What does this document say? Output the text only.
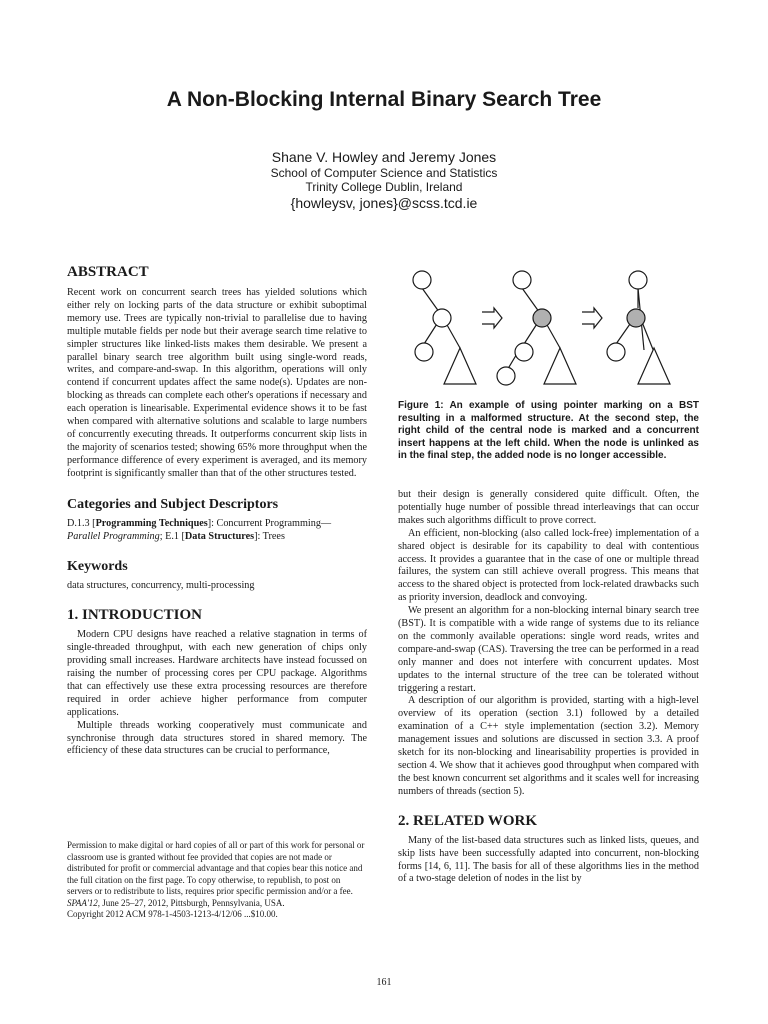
A Non-Blocking Internal Binary Search Tree
Shane V. Howley and Jeremy Jones
School of Computer Science and Statistics
Trinity College Dublin, Ireland
{howleysv, jones}@scss.tcd.ie
ABSTRACT

Recent work on concurrent search trees has yielded solutions which either rely on locking parts of the data structure or exhibit suboptimal memory use. Trees are typically non-trivial to parallelise due to having multiple mutable fields per node but their average search time relative to simpler structures like linked-lists makes them desirable. We present a parallel binary search tree algorithm built using single-word reads, writes, and compare-and-swap. In this algorithm, operations will only contend if concurrent updates affect the same node(s). Updates are non-blocking as threads can complete each other's operations if necessary and each operation is linearisable. Experimental evidence shows it to be fast when compared with alternative solutions and scalable to large numbers of concurrently executing threads. It outperforms concurrent skip lists in the majority of scenarios tested; showing 65% more throughput when the performance difference of every experiment is averaged, and its memory footprint is significantly smaller than that of the other structures tested.

Categories and Subject Descriptors

D.1.3 [Programming Techniques]: Concurrent Programming— Parallel Programming; E.1 [Data Structures]: Trees

Keywords

data structures, concurrency, multi-processing

1. INTRODUCTION

Modern CPU designs have reached a relative stagnation in terms of single-threaded throughput, with each new generation of chips only providing small increases. Hardware architects have instead focussed on raising the number of processing cores per CPU package. Algorithms that can effectively use these extra processing resources are therefore required in order achieve higher performance from computer applications.

Multiple threads working cooperatively must communicate and synchronise through data structures stored in shared memory. The efficiency of these data structures can be crucial to performance,

Permission to make digital or hard copies of all or part of this work for personal or classroom use is granted without fee provided that copies are not made or distributed for profit or commercial advantage and that copies bear this notice and the full citation on the first page. To copy otherwise, to republish, to post on servers or to redistribute to lists, requires prior specific permission and/or a fee.

SPAA'12, June 25–27, 2012, Pittsburgh, Pennsylvania, USA.

Copyright 2012 ACM 978-1-4503-1213-4/12/06 ...$10.00.

Figure 1: An example of using pointer marking on a BST resulting in a malformed structure. At the second step, the right child of the central node is marked and a concurrent insert happens at the left child. When the node is unlinked as in the final step, the added node is no longer accessible.

but their design is generally considered quite difficult. Often, the potentially huge number of possible thread interleavings that can occur makes such algorithms difficult to prove correct.

An efficient, non-blocking (also called lock-free) implementation of a shared object is desirable for its capability to deal with contentious access. It provides a guarantee that in the case of one or multiple thread failures, the system can still achieve overall progress. This means that access to the shared object is protected from lock-related drawbacks such as priority inversion, deadlock and convoying.

We present an algorithm for a non-blocking internal binary search tree (BST). It is compatible with a wide range of systems due to its reliance on the commonly available operations: single word reads, writes and compare-and-swap (CAS). Traversing the tree can be performed in a read only manner and does not interfere with concurrent updates. Most updates to the internal structure of the tree can be tolerated without triggering a restart.

A description of our algorithm is provided, starting with a high-level overview of its operation (section 3.1) followed by a detailed examination of a C++ style implementation (section 3.2). Memory management issues and solutions are discussed in section 3.3. A proof sketch for its non-blocking and linearisability properties is provided in section 4. We show that it achieves good throughput when compared with the best known concurrent set algorithms and it scales well for increasing numbers of threads (section 5).

2. RELATED WORK

Many of the list-based data structures such as linked lists, queues, and skip lists have been successfully adapted into concurrent, non-blocking forms [14, 6, 11]. The basis for all of these algorithms lies in the method of a two-stage deletion of nodes in the list by

161
